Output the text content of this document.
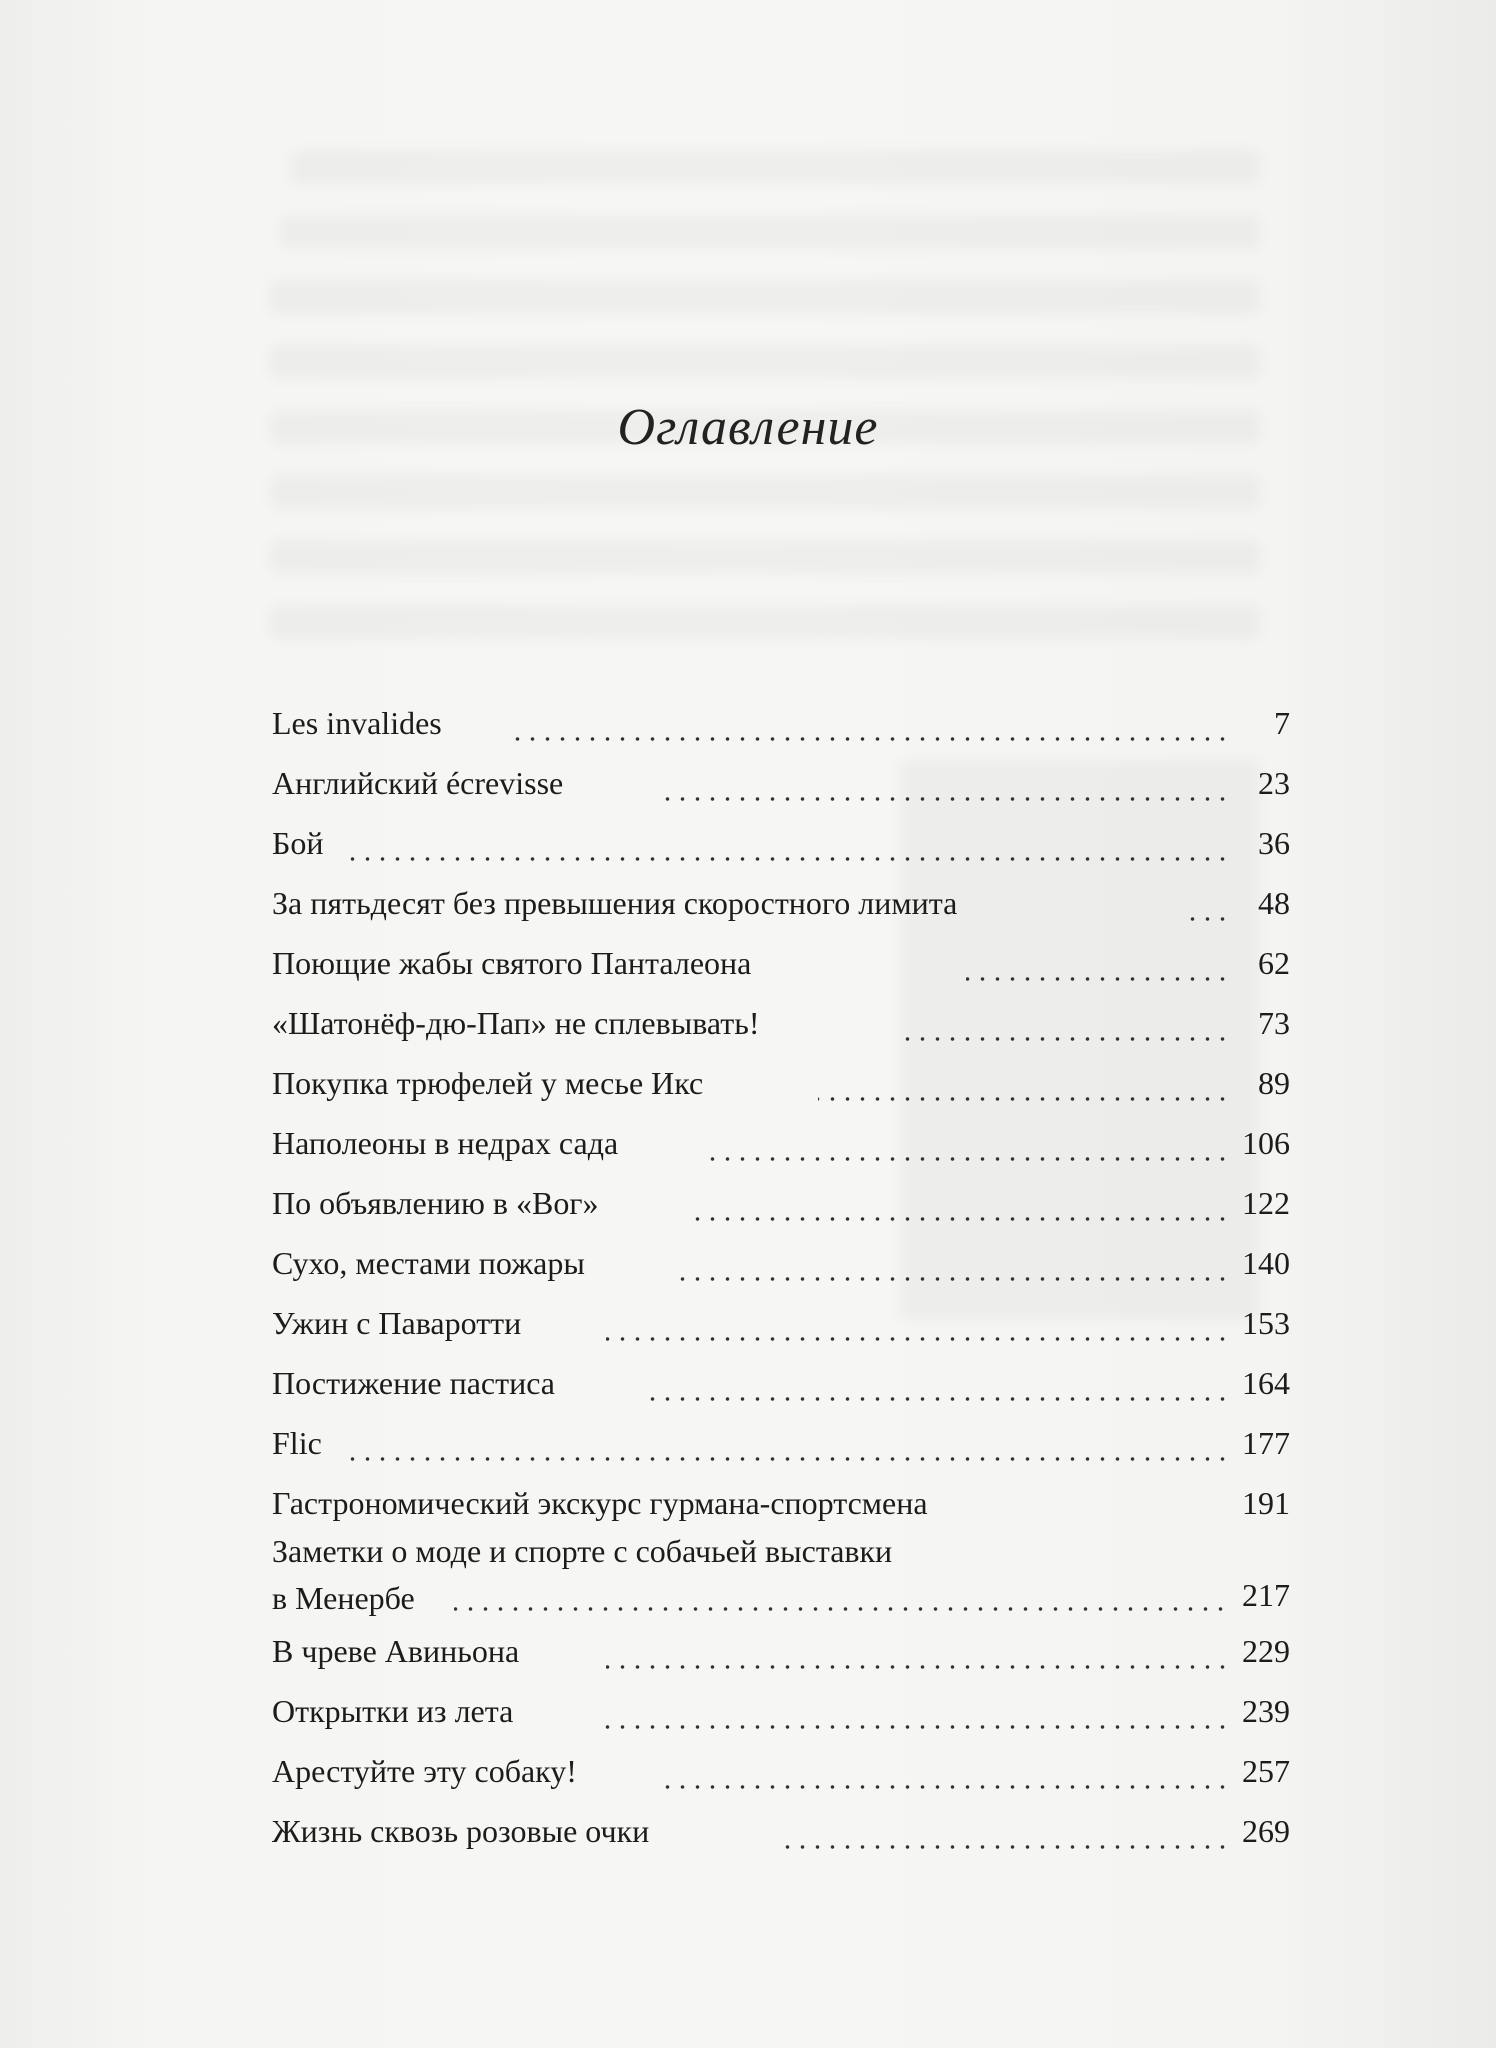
Оглавление
Les invalides	7
Английский écrevisse	23
Бой	36
За пятьдесят без превышения скоростного лимита	48
Поющие жабы святого Панталеона	62
«Шатонёф-дю-Пап» не сплевывать!	73
Покупка трюфелей у месье Икс	89
Наполеоны в недрах сада	106
По объявлению в «Вог»	122
Сухо, местами пожары	140
Ужин с Паваротти	153
Постижение пастиса	164
Flic	177
Гастрономический экскурс гурмана-спортсмена	191
Заметки о моде и спорте с собачьей выставки
в Менербе	217
В чреве Авиньона	229
Открытки из лета	239
Арестуйте эту собаку!	257
Жизнь сквозь розовые очки	269
